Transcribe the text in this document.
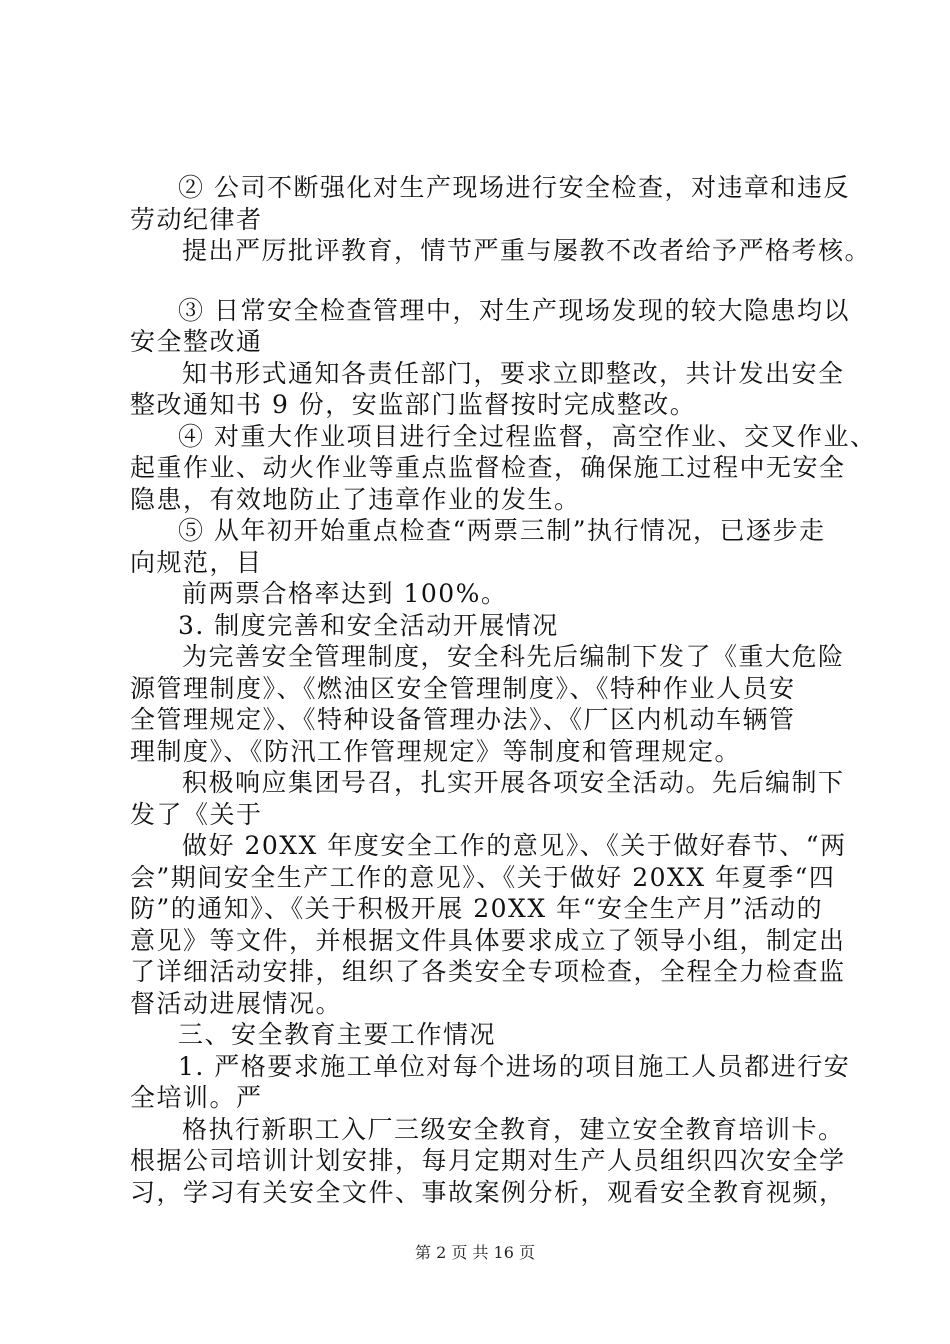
② 公司不断强化对生产现场进行安全检查，对违章和违反
劳动纪律者
提出严厉批评教育，情节严重与屡教不改者给予严格考核。
③ 日常安全检查管理中，对生产现场发现的较大隐患均以
安全整改通
知书形式通知各责任部门，要求立即整改，共计发出安全
整改通知书 9 份，安监部门监督按时完成整改。
④ 对重大作业项目进行全过程监督，高空作业、交叉作业、
起重作业、动火作业等重点监督检查，确保施工过程中无安全
隐患，有效地防止了违章作业的发生。
⑤ 从年初开始重点检查“两票三制”执行情况，已逐步走
向规范，目
前两票合格率达到 100%。
3. 制度完善和安全活动开展情况
为完善安全管理制度，安全科先后编制下发了《重大危险
源管理制度》、《燃油区安全管理制度》、《特种作业人员安
全管理规定》、《特种设备管理办法》、《厂区内机动车辆管
理制度》、《防汛工作管理规定》等制度和管理规定。
积极响应集团号召，扎实开展各项安全活动。先后编制下
发了《关于
做好 20XX 年度安全工作的意见》、《关于做好春节、“两
会”期间安全生产工作的意见》、《关于做好 20XX 年夏季“四
防”的通知》、《关于积极开展 20XX 年“安全生产月”活动的
意见》等文件，并根据文件具体要求成立了领导小组，制定出
了详细活动安排，组织了各类安全专项检查，全程全力检查监
督活动进展情况。
三、安全教育主要工作情况
1. 严格要求施工单位对每个进场的项目施工人员都进行安
全培训。严
格执行新职工入厂三级安全教育，建立安全教育培训卡。
根据公司培训计划安排，每月定期对生产人员组织四次安全学
习，学习有关安全文件、事故案例分析，观看安全教育视频，
第 2 页 共 16 页
